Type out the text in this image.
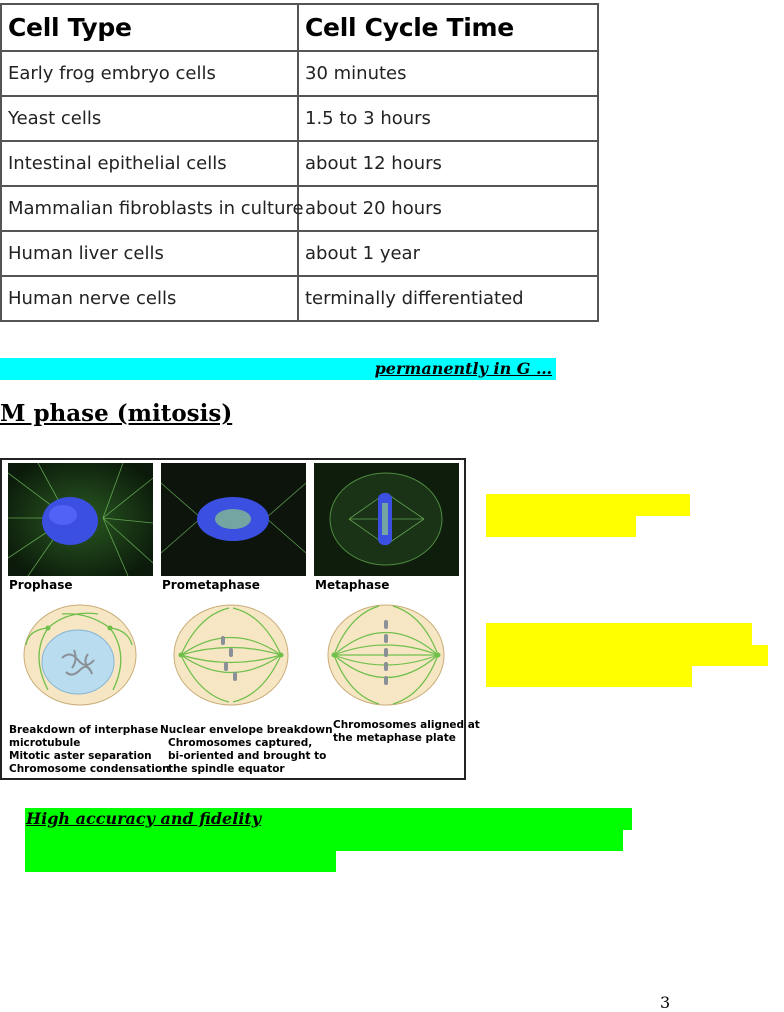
Cell Type	Cell Cycle Time
Early frog embryo cells	30 minutes
Yeast cells	1.5 to 3 hours
Intestinal epithelial cells	about 12 hours
Mammalian fibroblasts in culture	about 20 hours
Human liver cells	about 1 year
Human nerve cells	terminally differentiated
permanently in G …
M phase (mitosis)
Prophase	Prometaphase	Metaphase
Breakdown of interphase
microtubule
Mitotic aster separation
Chromosome condensation
Nuclear envelope breakdown
Chromosomes captured,
bi-oriented and brought to
the spindle equator
Chromosomes aligned at
the metaphase plate
High accuracy and fidelity
3
